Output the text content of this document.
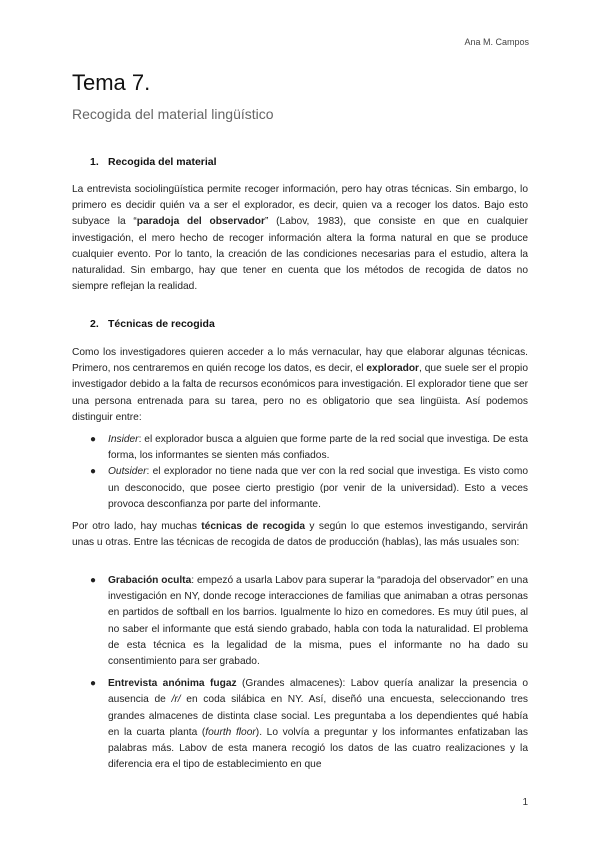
Ana M. Campos
Tema 7.
Recogida del material lingüístico
1. Recogida del material

La entrevista sociolingüística permite recoger información, pero hay otras técnicas. Sin embargo, lo primero es decidir quién va a ser el explorador, es decir, quien va a recoger los datos. Bajo esto subyace la “paradoja del observador” (Labov, 1983), que consiste en que en cualquier investigación, el mero hecho de recoger información altera la forma natural en que se produce cualquier evento. Por lo tanto, la creación de las condiciones necesarias para el estudio, altera la naturalidad. Sin embargo, hay que tener en cuenta que los métodos de recogida de datos no siempre reflejan la realidad.

2. Técnicas de recogida

Como los investigadores quieren acceder a lo más vernacular, hay que elaborar algunas técnicas. Primero, nos centraremos en quién recoge los datos, es decir, el explorador, que suele ser el propio investigador debido a la falta de recursos económicos para investigación. El explorador tiene que ser una persona entrenada para su tarea, pero no es obligatorio que sea lingüista. Así podemos distinguir entre:

● Insider: el explorador busca a alguien que forme parte de la red social que investiga. De esta forma, los informantes se sienten más confiados.
● Outsider: el explorador no tiene nada que ver con la red social que investiga. Es visto como un desconocido, que posee cierto prestigio (por venir de la universidad). Esto a veces provoca desconfianza por parte del informante.

Por otro lado, hay muchas técnicas de recogida y según lo que estemos investigando, servirán unas u otras. Entre las técnicas de recogida de datos de producción (hablas), las más usuales son:

● Grabación oculta: empezó a usarla Labov para superar la “paradoja del observador” en una investigación en NY, donde recoge interacciones de familias que animaban a otras personas en partidos de softball en los barrios. Igualmente lo hizo en comedores. Es muy útil pues, al no saber el informante que está siendo grabado, habla con toda la naturalidad. El problema de esta técnica es la legalidad de la misma, pues el informante no ha dado su consentimiento para ser grabado.
● Entrevista anónima fugaz (Grandes almacenes): Labov quería analizar la presencia o ausencia de /r/ en coda silábica en NY. Así, diseñó una encuesta, seleccionando tres grandes almacenes de distinta clase social. Les preguntaba a los dependientes qué había en la cuarta planta (fourth floor). Lo volvía a preguntar y los informantes enfatizaban las palabras más. Labov de esta manera recogió los datos de las cuatro realizaciones y la diferencia era el tipo de establecimiento en que
1
